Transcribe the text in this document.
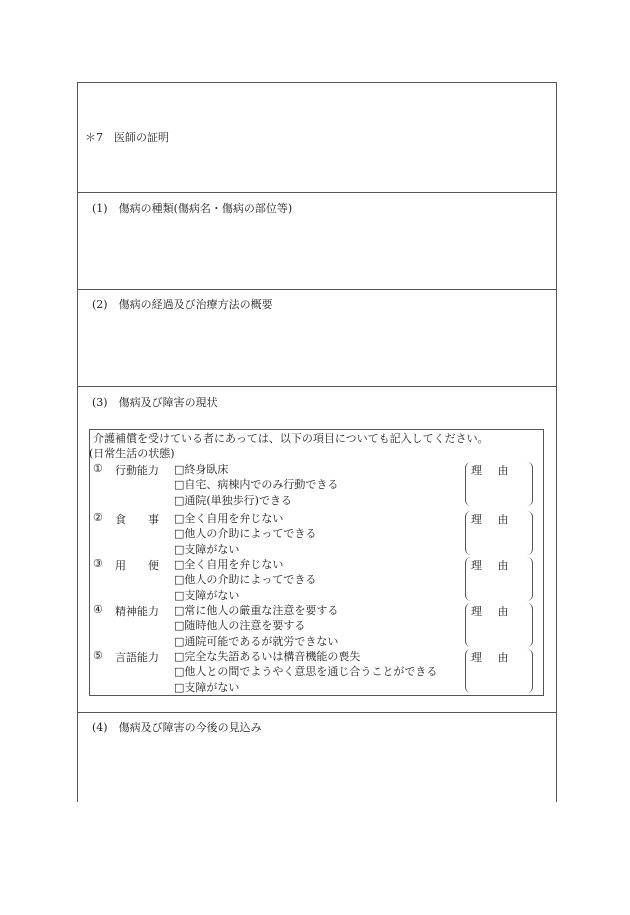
＊7　医師の証明
(1)　傷病の種類(傷病名・傷病の部位等)
(2)　傷病の経過及び治療方法の概要
(3)　傷病及び障害の現状
(4)　傷病及び障害の今後の見込み
介護補償を受けている者にあっては、以下の項目についても記入してください。
(日常生活の状態)
① 行動能力 □終身臥床
□自宅、病棟内でのみ行動できる
□通院(単独歩行)できる
理 由
② 食　　事 □全く自用を弁じない
□他人の介助によってできる
□支障がない
理 由
③ 用　　便 □全く自用を弁じない
□他人の介助によってできる
□支障がない
理 由
④ 精神能力 □常に他人の厳重な注意を要する
□随時他人の注意を要する
□通院可能であるが就労できない
理 由
⑤ 言語能力 □完全な失語あるいは構音機能の喪失
□他人との間でようやく意思を通じ合うことができる
□支障がない
理 由
